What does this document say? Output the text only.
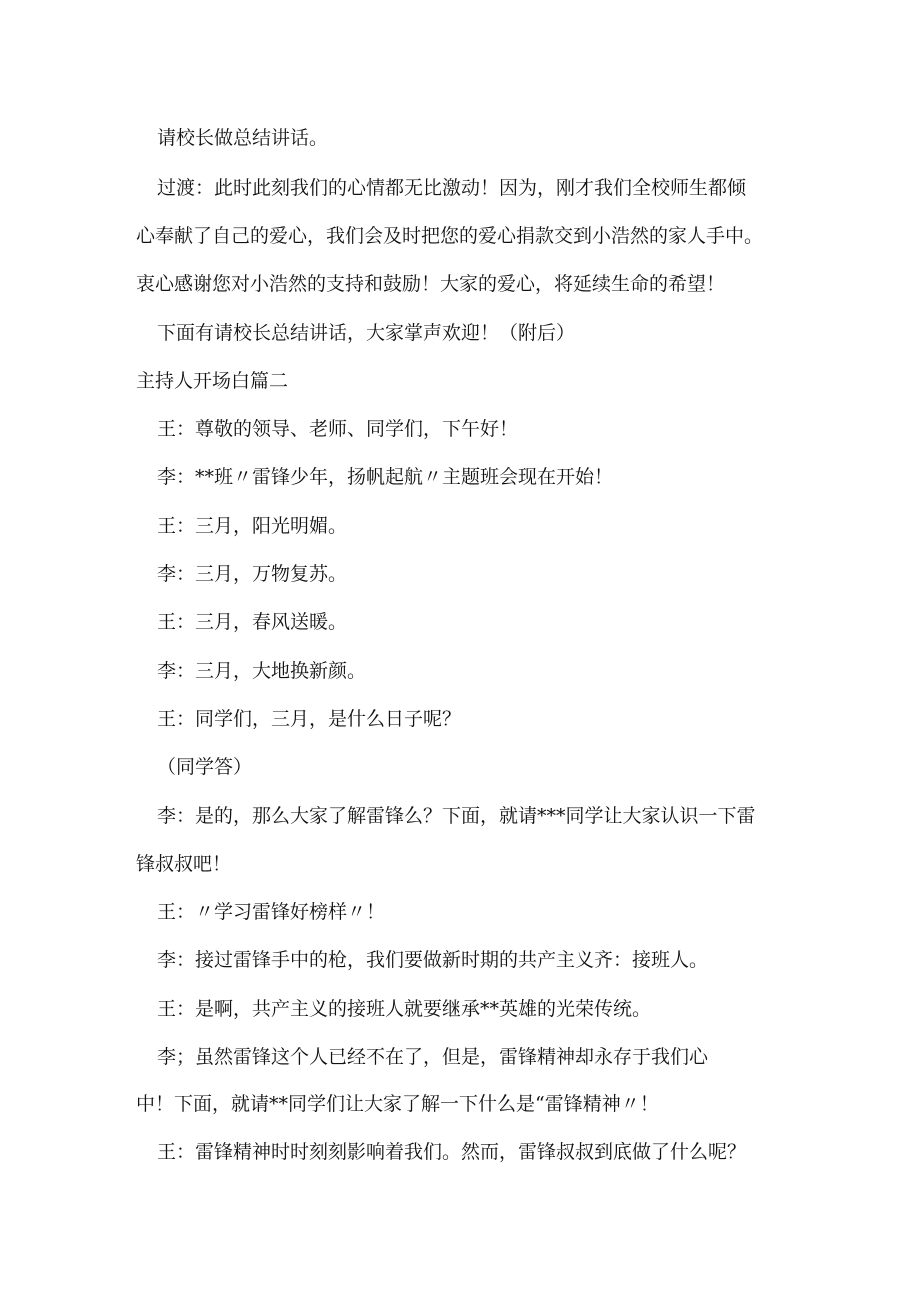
请校长做总结讲话。

过渡：此时此刻我们的心情都无比激动！因为，刚才我们全校师生都倾

心奉献了自己的爱心，我们会及时把您的爱心捐款交到小浩然的家人手中。

衷心感谢您对小浩然的支持和鼓励！大家的爱心，将延续生命的希望！

下面有请校长总结讲话，大家掌声欢迎！（附后）

主持人开场白篇二

王：尊敬的领导、老师、同学们，下午好！

李：**班〃雷锋少年，扬帆起航〃主题班会现在开始！

王：三月，阳光明媚。

李：三月，万物复苏。

王：三月，春风送暖。

李：三月，大地换新颜。

王：同学们，三月，是什么日子呢？

（同学答）

李：是的，那么大家了解雷锋么？下面，就请***同学让大家认识一下雷

锋叔叔吧！

王：〃学习雷锋好榜样〃！

李：接过雷锋手中的枪，我们要做新时期的共产主义齐：接班人。

王：是啊，共产主义的接班人就要继承**英雄的光荣传统。

李；虽然雷锋这个人已经不在了，但是，雷锋精神却永存于我们心

中！下面，就请**同学们让大家了解一下什么是“雷锋精神〃！

王：雷锋精神时时刻刻影响着我们。然而，雷锋叔叔到底做了什么呢？
